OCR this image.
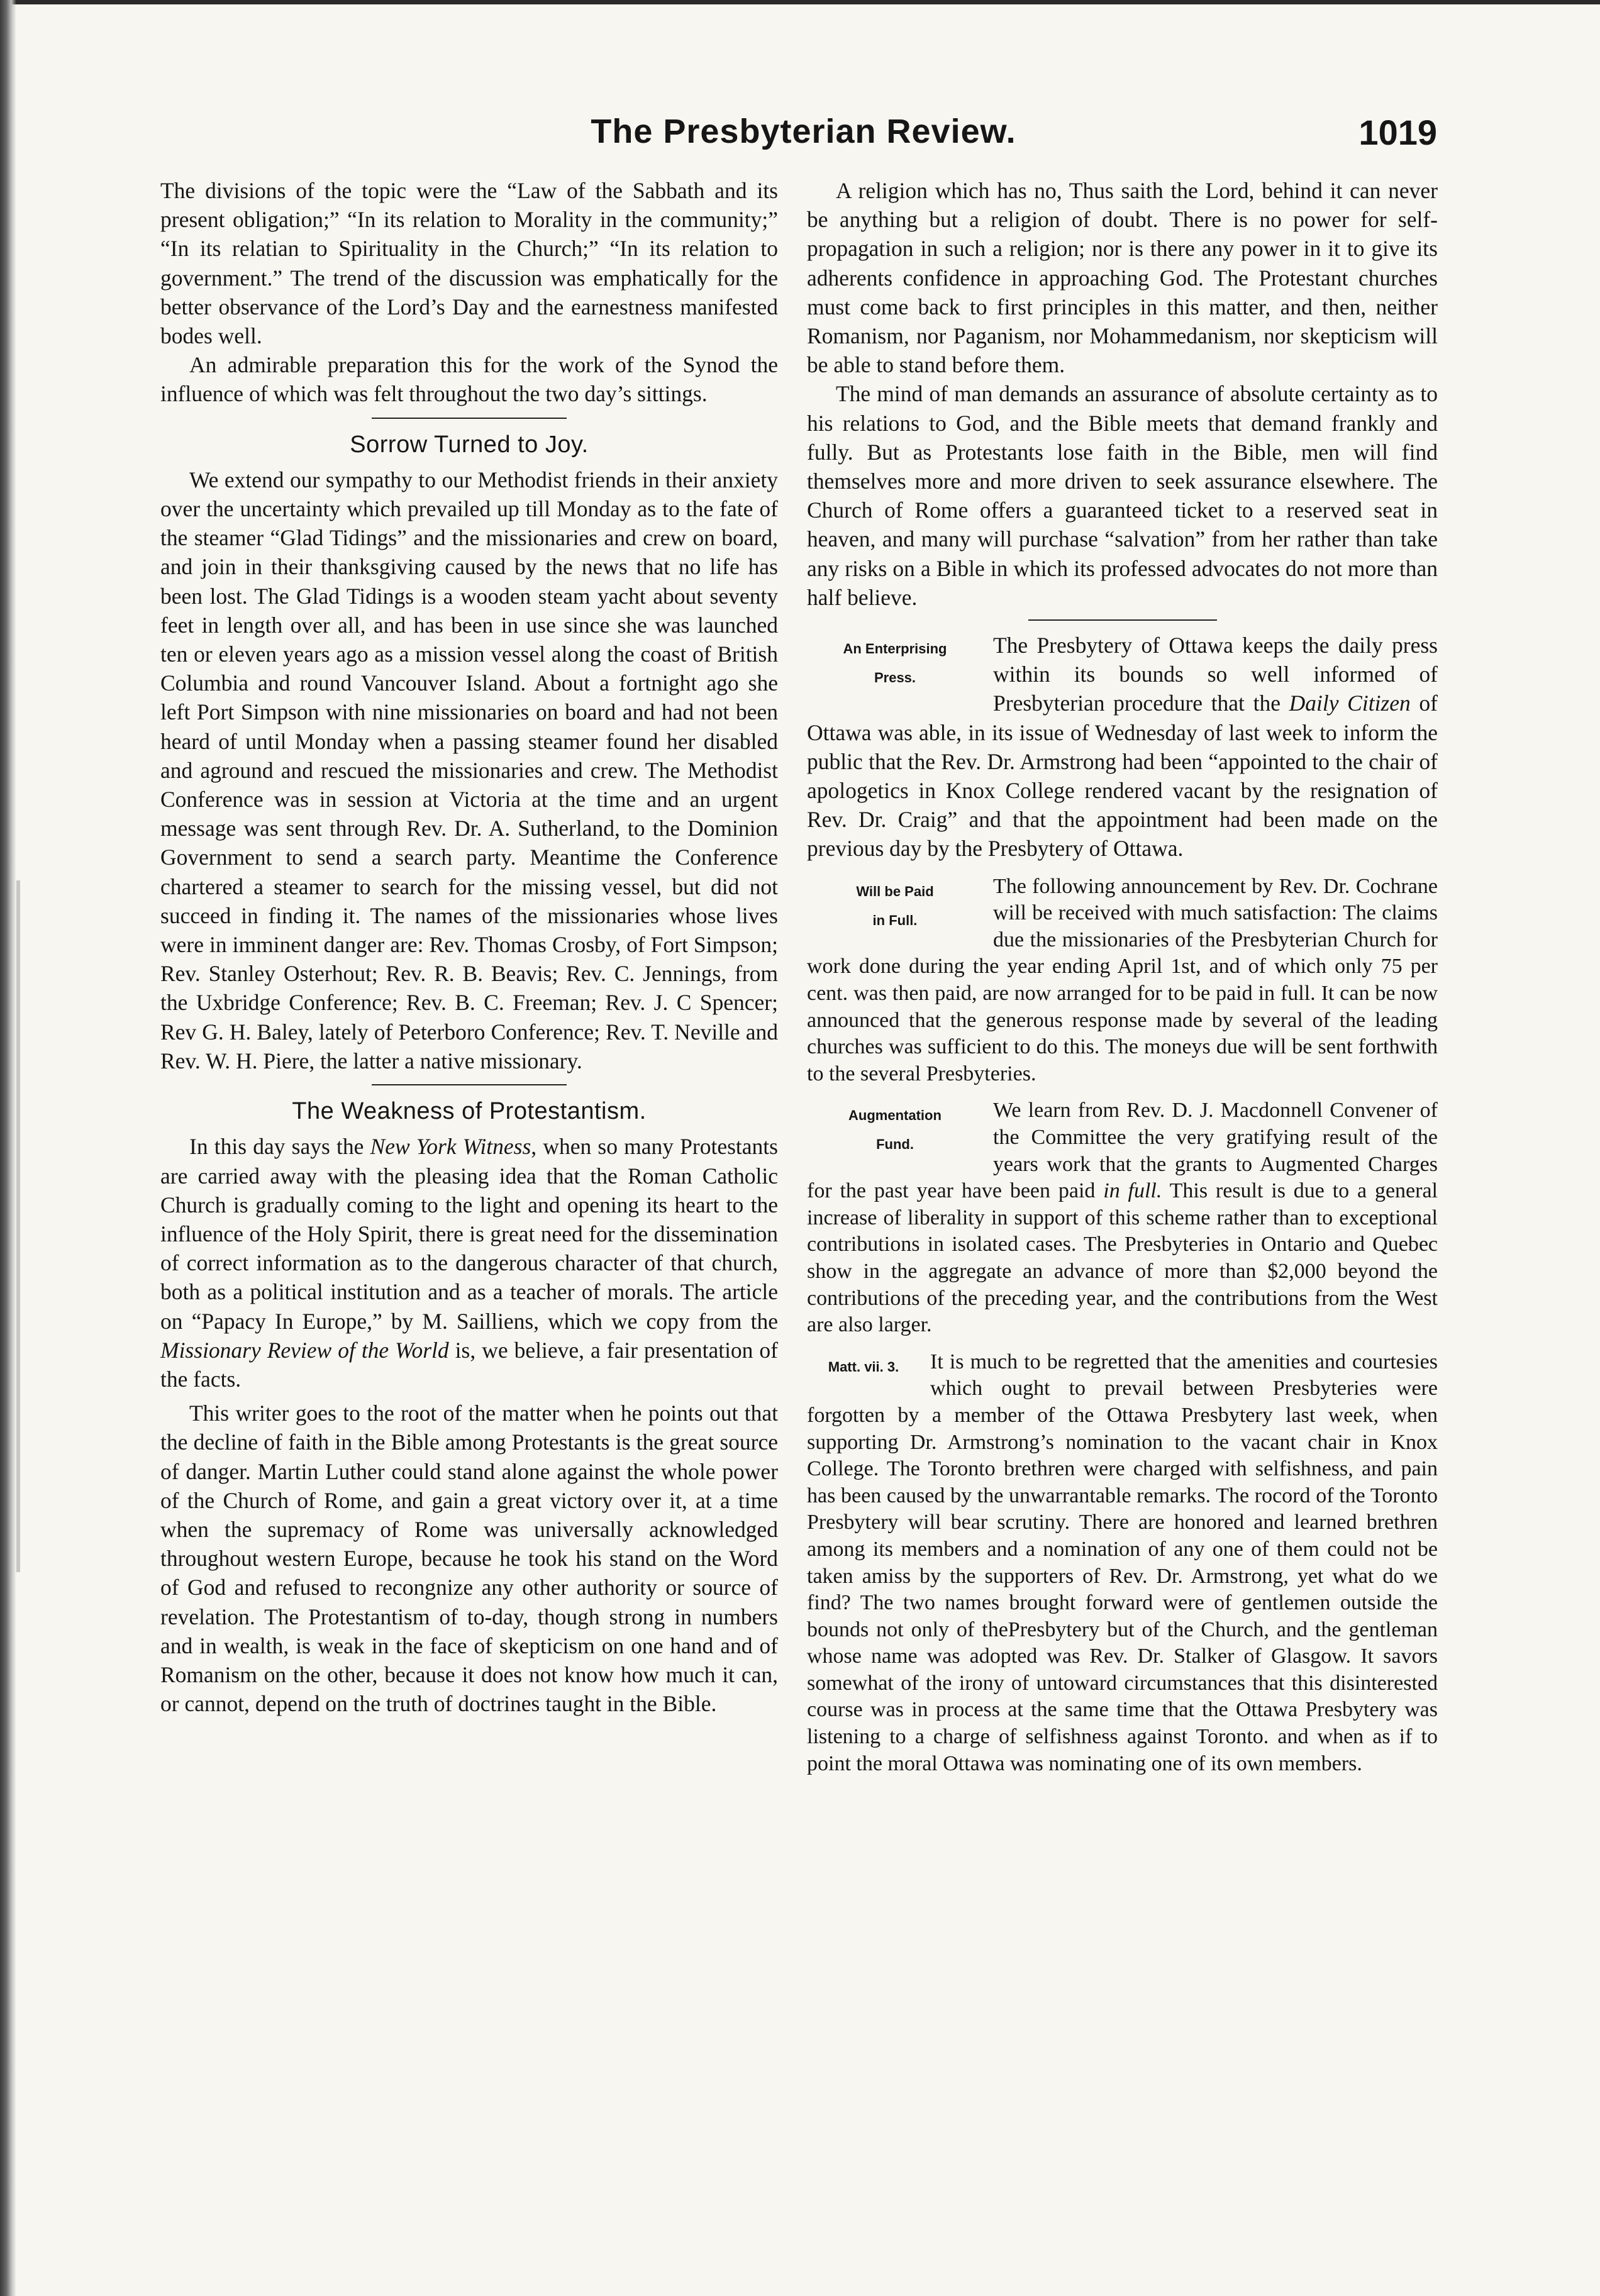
The Presbyterian Review.	1019

The divisions of the topic were the “Law of the Sabbath and its present obligation;” “In its relation to Morality in the community;” “In its relatian to Spirituality in the Church;” “In its relation to government.” The trend of the discussion was emphatically for the better observance of the Lord’s Day and the earnestness manifested bodes well.

An admirable preparation this for the work of the Synod the influence of which was felt throughout the two day’s sittings.

Sorrow Turned to Joy.

We extend our sympathy to our Methodist friends in their anxiety over the uncertainty which prevailed up till Monday as to the fate of the steamer “Glad Tidings” and the missionaries and crew on board, and join in their thanksgiving caused by the news that no life has been lost. The Glad Tidings is a wooden steam yacht about seventy feet in length over all, and has been in use since she was launched ten or eleven years ago as a mission vessel along the coast of British Columbia and round Vancouver Island. About a fortnight ago she left Port Simpson with nine missionaries on board and had not been heard of until Monday when a passing steamer found her disabled and aground and rescued the missionaries and crew. The Methodist Conference was in session at Victoria at the time and an urgent message was sent through Rev. Dr. A. Sutherland, to the Dominion Government to send a search party. Meantime the Conference chartered a steamer to search for the missing vessel, but did not succeed in finding it. The names of the missionaries whose lives were in imminent danger are: Rev. Thomas Crosby, of Fort Simpson; Rev. Stanley Osterhout; Rev. R. B. Beavis; Rev. C. Jennings, from the Uxbridge Conference; Rev. B. C. Freeman; Rev. J. C Spencer; Rev G. H. Baley, lately of Peterboro Conference; Rev. T. Neville and Rev. W. H. Piere, the latter a native missionary.

The Weakness of Protestantism.

In this day says the New York Witness, when so many Protestants are carried away with the pleasing idea that the Roman Catholic Church is gradually coming to the light and opening its heart to the influence of the Holy Spirit, there is great need for the dissemination of correct information as to the dangerous character of that church, both as a political institution and as a teacher of morals. The article on “Papacy In Europe,” by M. Sailliens, which we copy from the Missionary Review of the World is, we believe, a fair presentation of the facts.

This writer goes to the root of the matter when he points out that the decline of faith in the Bible among Protestants is the great source of danger. Martin Luther could stand alone against the whole power of the Church of Rome, and gain a great victory over it, at a time when the supremacy of Rome was universally acknowledged throughout western Europe, because he took his stand on the Word of God and refused to recongnize any other authority or source of revelation. The Protestantism of to-day, though strong in numbers and in wealth, is weak in the face of skepticism on one hand and of Romanism on the other, because it does not know how much it can, or cannot, depend on the truth of doctrines taught in the Bible.

A religion which has no, Thus saith the Lord, behind it can never be anything but a religion of doubt. There is no power for self-propagation in such a religion; nor is there any power in it to give its adherents confidence in approaching God. The Protestant churches must come back to first principles in this matter, and then, neither Romanism, nor Paganism, nor Mohammedanism, nor skepticism will be able to stand before them.

The mind of man demands an assurance of absolute certainty as to his relations to God, and the Bible meets that demand frankly and fully. But as Protestants lose faith in the Bible, men will find themselves more and more driven to seek assurance elsewhere. The Church of Rome offers a guaranteed ticket to a reserved seat in heaven, and many will purchase “salvation” from her rather than take any risks on a Bible in which its professed advocates do not more than half believe.

An Enterprising
Press.

The Presbytery of Ottawa keeps the daily press within its bounds so well informed of Presbyterian procedure that the Daily Citizen of Ottawa was able, in its issue of Wednesday of last week to inform the public that the Rev. Dr. Armstrong had been “appointed to the chair of apologetics in Knox College rendered vacant by the resignation of Rev. Dr. Craig” and that the appointment had been made on the previous day by the Presbytery of Ottawa.

Will be Paid
in Full.

The following announcement by Rev. Dr. Cochrane will be received with much satisfaction: The claims due the missionaries of the Presbyterian Church for work done during the year ending April 1st, and of which only 75 per cent. was then paid, are now arranged for to be paid in full. It can be now announced that the generous response made by several of the leading churches was sufficient to do this. The moneys due will be sent forthwith to the several Presbyteries.

Augmentation
Fund.

We learn from Rev. D. J. Macdonnell Convener of the Committee the very gratifying result of the years work that the grants to Augmented Charges for the past year have been paid in full. This result is due to a general increase of liberality in support of this scheme rather than to exceptional contributions in isolated cases. The Presbyteries in Ontario and Quebec show in the aggregate an advance of more than $2,000 beyond the contributions of the preceding year, and the contributions from the West are also larger.

Matt. vii. 3.	It is much to be regretted that the amenities and courtesies which ought to prevail between Presbyteries were forgotten by a member of the Ottawa Presbytery last week, when supporting Dr. Armstrong’s nomination to the vacant chair in Knox College. The Toronto brethren were charged with selfishness, and pain has been caused by the unwarrantable remarks. The rocord of the Toronto Presbytery will bear scrutiny. There are honored and learned brethren among its members and a nomination of any one of them could not be taken amiss by the supporters of Rev. Dr. Armstrong, yet what do we find? The two names brought forward were of gentlemen outside the bounds not only of thePresbytery but of the Church, and the gentleman whose name was adopted was Rev. Dr. Stalker of Glasgow. It savors somewhat of the irony of untoward circumstances that this disinterested course was in process at the same time that the Ottawa Presbytery was listening to a charge of selfishness against Toronto. and when as if to point the moral Ottawa was nominating one of its own members.
